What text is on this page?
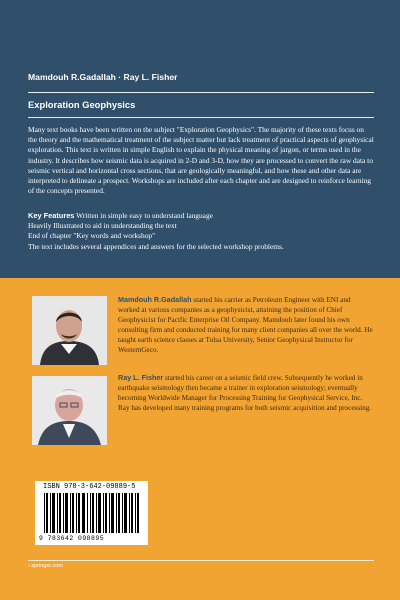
Mamdouh R.Gadallah · Ray L. Fisher
Exploration Geophysics
Many text books have been written on the subject "Exploration Geophysics". The majority of these texts focus on the theory and the mathematical treatment of the subject matter but lack treatment of practical aspects of geophysical exploration. This text is written in simple English to explain the physical meaning of jargon, or terms used in the industry. It describes how seismic data is acquired in 2-D and 3-D, how they are processed to convert the raw data to seismic vertical and horizontal cross sections, that are geologically meaningful, and how these and other data are interpreted to delineate a prospect. Workshops are included after each chapter and are designed to reinforce learning of the concepts presented.
Key Features Written in simple easy to understand language
Heavily Illustrated to aid in understanding the text
End of chapter "Key words and workshop"
The text includes several appendices and answers for the selected workshop problems.
Mamdouh R.Gadallah started his carrier as Petroleum Engineer with ENI and worked at various companies as a geophysicist, attaining the position of Chief Geophysicist for Pacific Enterprise Oil Company. Mamdouh later found his own consulting firm and conducted training for many client companies all over the world. He taught earth science classes at Tulsa University, Senior Geophysical Instructor for WesternGeco.
Ray L. Fisher started his career on a seismic field crew. Subsequently he worked in earthquake seismology then became a trainer in exploration seismology; eventually becoming Worldwide Manager for Processing Training for Geophysical Service, Inc. Ray has developed many training programs for both seismic acquisition and processing.
ISBN 978-3-642-09889-5
9 783642 098895
› springer.com
